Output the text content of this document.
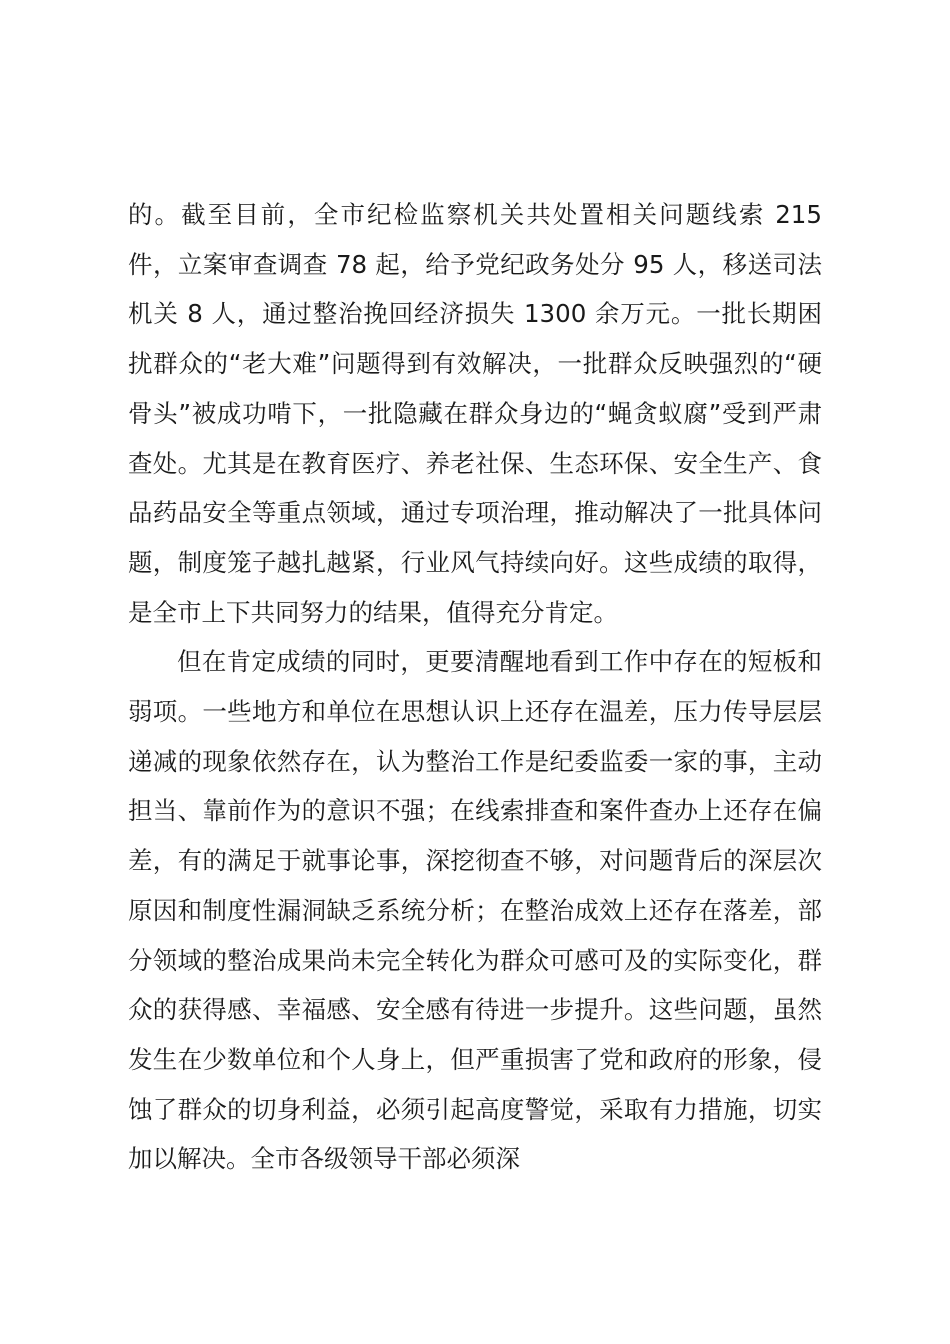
的。截至目前，全市纪检监察机关共处置相关问题线索 215 件，立案审查调查 78 起，给予党纪政务处分 95 人，移送司法机关 8 人，通过整治挽回经济损失 1300 余万元。一批长期困扰群众的“老大难”问题得到有效解决，一批群众反映强烈的“硬骨头”被成功啃下，一批隐藏在群众身边的“蝇贪蚁腐”受到严肃查处。尤其是在教育医疗、养老社保、生态环保、安全生产、食品药品安全等重点领域，通过专项治理，推动解决了一批具体问题，制度笼子越扎越紧，行业风气持续向好。这些成绩的取得，是全市上下共同努力的结果，值得充分肯定。

但在肯定成绩的同时，更要清醒地看到工作中存在的短板和弱项。一些地方和单位在思想认识上还存在温差，压力传导层层递减的现象依然存在，认为整治工作是纪委监委一家的事，主动担当、靠前作为的意识不强；在线索排查和案件查办上还存在偏差，有的满足于就事论事，深挖彻查不够，对问题背后的深层次原因和制度性漏洞缺乏系统分析；在整治成效上还存在落差，部分领域的整治成果尚未完全转化为群众可感可及的实际变化，群众的获得感、幸福感、安全感有待进一步提升。这些问题，虽然发生在少数单位和个人身上，但严重损害了党和政府的形象，侵蚀了群众的切身利益，必须引起高度警觉，采取有力措施，切实加以解决。全市各级领导干部必须深
